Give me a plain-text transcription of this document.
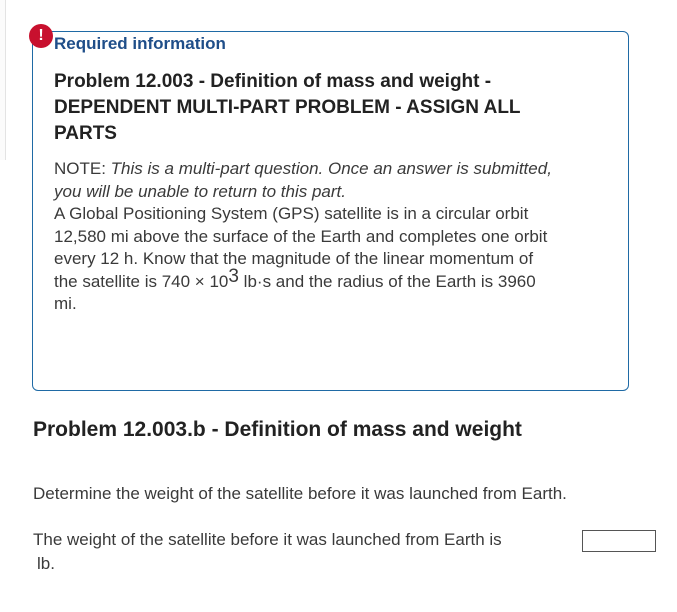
! Required information
Problem 12.003 - Definition of mass and weight - DEPENDENT MULTI-PART PROBLEM - ASSIGN ALL PARTS
NOTE: This is a multi-part question. Once an answer is submitted, you will be unable to return to this part.
A Global Positioning System (GPS) satellite is in a circular orbit 12,580 mi above the surface of the Earth and completes one orbit every 12 h. Know that the magnitude of the linear momentum of the satellite is $740 \times 10^3$ lb·s and the radius of the Earth is 3960 mi.
Problem 12.003.b - Definition of mass and weight
Determine the weight of the satellite before it was launched from Earth.
The weight of the satellite before it was launched from Earth is
lb.
